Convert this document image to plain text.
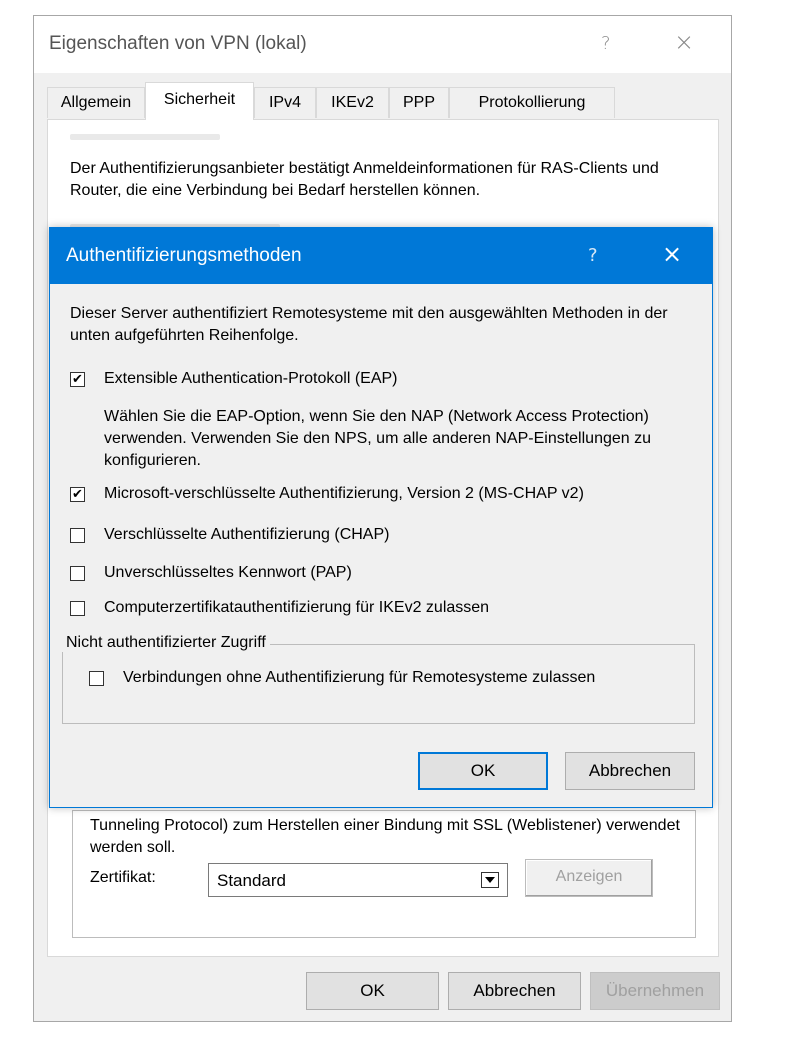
Eigenschaften von VPN (lokal)	?	×
Allgemein	Sicherheit	IPv4	IKEv2	PPP	Protokollierung
Der Authentifizierungsanbieter bestätigt Anmeldeinformationen für RAS-Clients und Router, die eine Verbindung bei Bedarf herstellen können.
Tunneling Protocol) zum Herstellen einer Bindung mit SSL (Weblistener) verwendet werden soll.
Zertifikat:	Standard	Anzeigen
OK	Abbrechen	Übernehmen
Authentifizierungsmethoden	?	×
Dieser Server authentifiziert Remotesysteme mit den ausgewählten Methoden in der unten aufgeführten Reihenfolge.
✔ Extensible Authentication-Protokoll (EAP)
Wählen Sie die EAP-Option, wenn Sie den NAP (Network Access Protection) verwenden. Verwenden Sie den NPS, um alle anderen NAP-Einstellungen zu konfigurieren.
✔ Microsoft-verschlüsselte Authentifizierung, Version 2 (MS-CHAP v2)
Verschlüsselte Authentifizierung (CHAP)
Unverschlüsseltes Kennwort (PAP)
Computerzertifikatauthentifizierung für IKEv2 zulassen
Verbindungen ohne Authentifizierung für Remotesysteme zulassen
Nicht authentifizierter Zugriff
OK	Abbrechen
